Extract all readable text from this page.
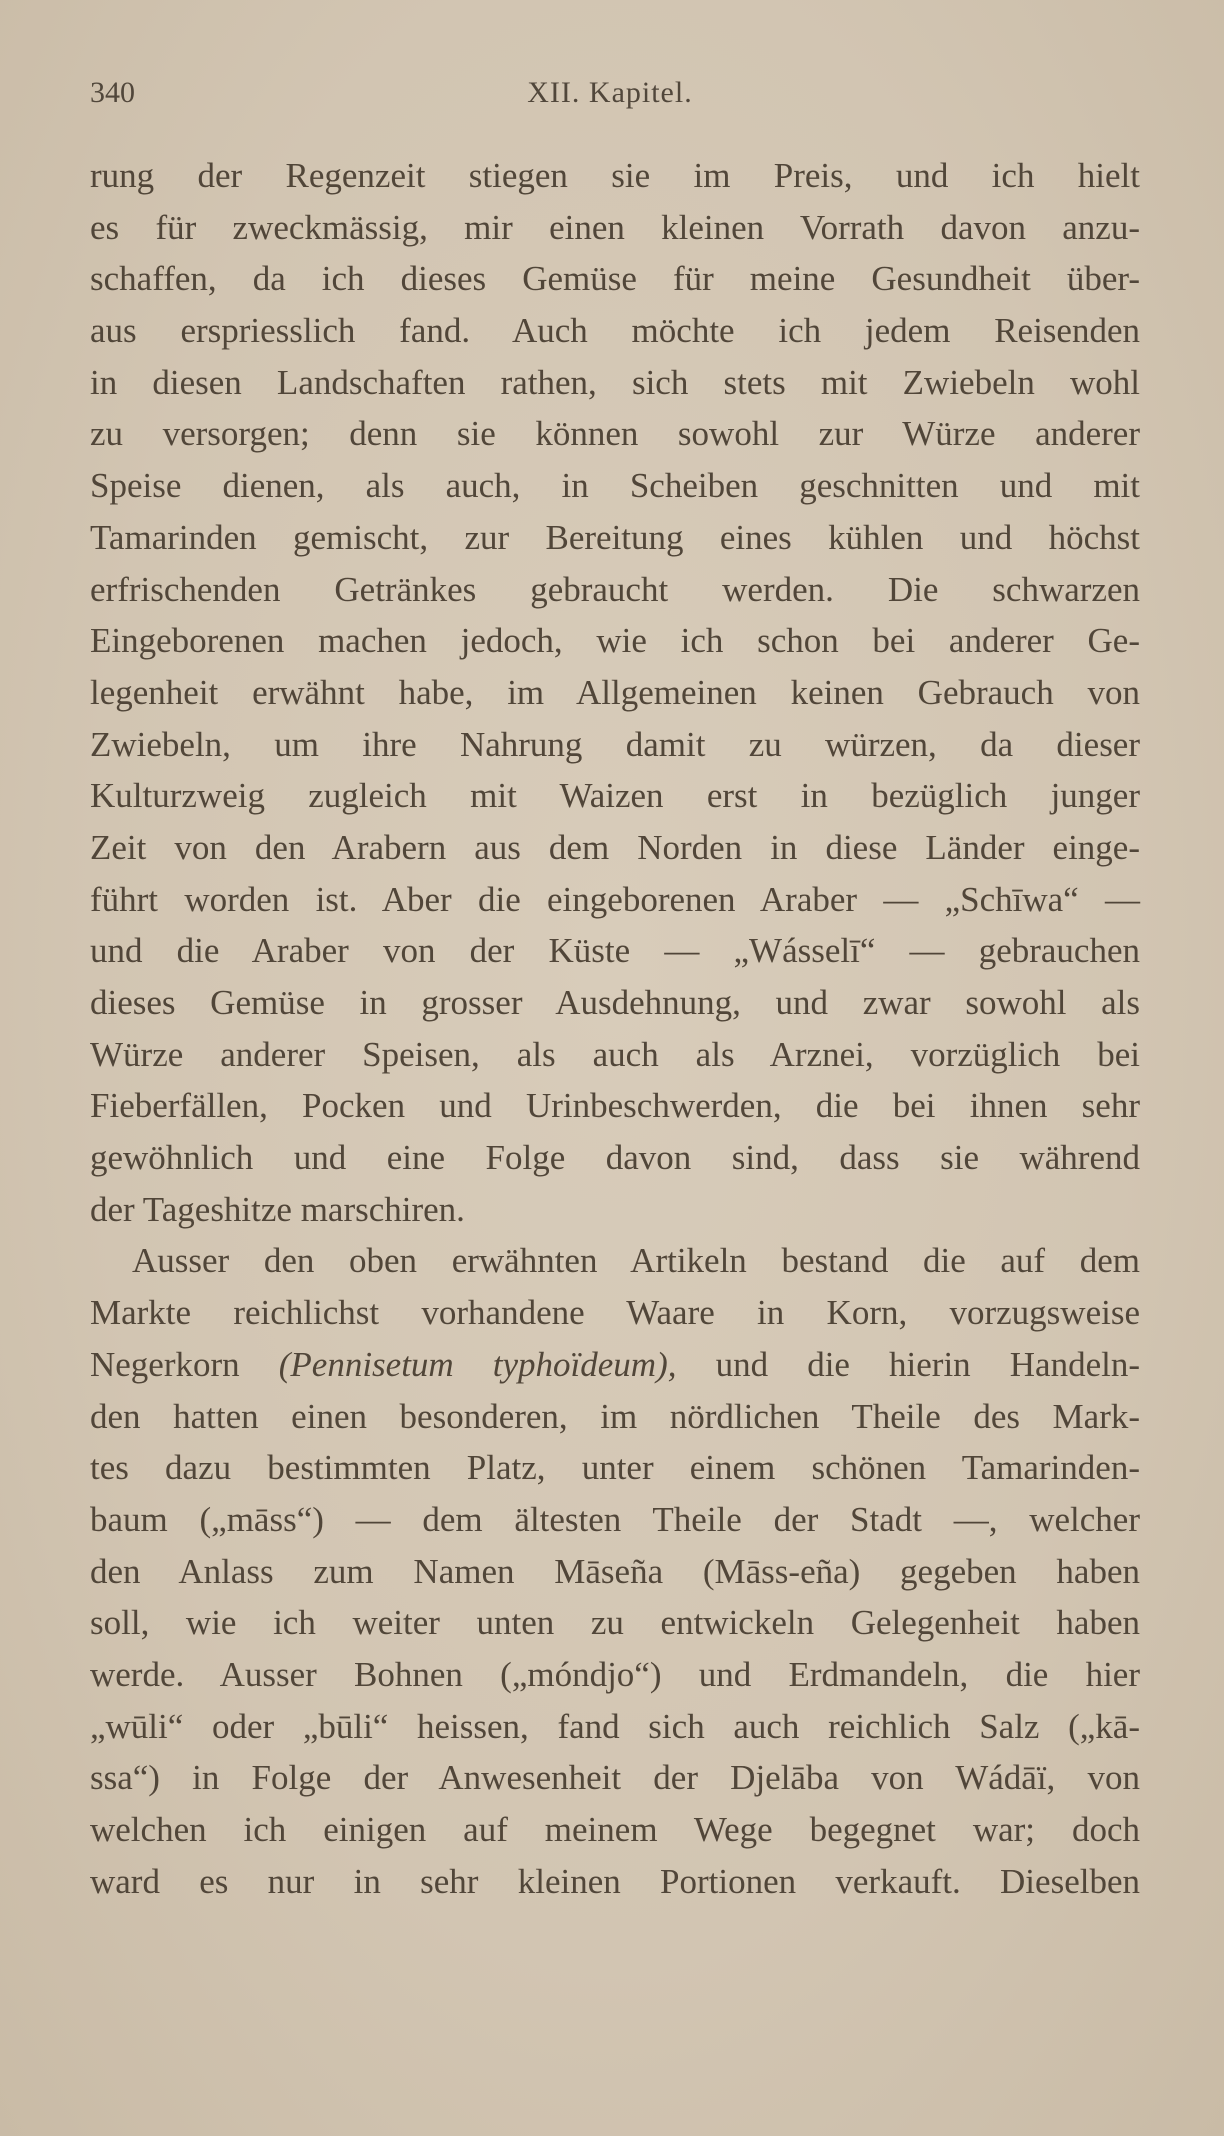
340	XII. Kapitel.
rung der Regenzeit stiegen sie im Preis, und ich hielt
es für zweckmässig, mir einen kleinen Vorrath davon anzu-
schaffen, da ich dieses Gemüse für meine Gesundheit über-
aus erspriesslich fand. Auch möchte ich jedem Reisenden
in diesen Landschaften rathen, sich stets mit Zwiebeln wohl
zu versorgen; denn sie können sowohl zur Würze anderer
Speise dienen, als auch, in Scheiben geschnitten und mit
Tamarinden gemischt, zur Bereitung eines kühlen und höchst
erfrischenden Getränkes gebraucht werden. Die schwarzen
Eingeborenen machen jedoch, wie ich schon bei anderer Ge-
legenheit erwähnt habe, im Allgemeinen keinen Gebrauch von
Zwiebeln, um ihre Nahrung damit zu würzen, da dieser
Kulturzweig zugleich mit Waizen erst in bezüglich junger
Zeit von den Arabern aus dem Norden in diese Länder einge-
führt worden ist. Aber die eingeborenen Araber — „Schīwa“ —
und die Araber von der Küste — „Wásselī“ — gebrauchen
dieses Gemüse in grosser Ausdehnung, und zwar sowohl als
Würze anderer Speisen, als auch als Arznei, vorzüglich bei
Fieberfällen, Pocken und Urinbeschwerden, die bei ihnen sehr
gewöhnlich und eine Folge davon sind, dass sie während
der Tageshitze marschiren.
Ausser den oben erwähnten Artikeln bestand die auf dem
Markte reichlichst vorhandene Waare in Korn, vorzugsweise
Negerkorn (Pennisetum typhoïdeum), und die hierin Handeln-
den hatten einen besonderen, im nördlichen Theile des Mark-
tes dazu bestimmten Platz, unter einem schönen Tamarinden-
baum („māss“) — dem ältesten Theile der Stadt —, welcher
den Anlass zum Namen Māseña (Māss-eña) gegeben haben
soll, wie ich weiter unten zu entwickeln Gelegenheit haben
werde. Ausser Bohnen („móndjo“) und Erdmandeln, die hier
„wūli“ oder „būli“ heissen, fand sich auch reichlich Salz („kā-
ssa“) in Folge der Anwesenheit der Djelāba von Wádāï, von
welchen ich einigen auf meinem Wege begegnet war; doch
ward es nur in sehr kleinen Portionen verkauft. Dieselben
